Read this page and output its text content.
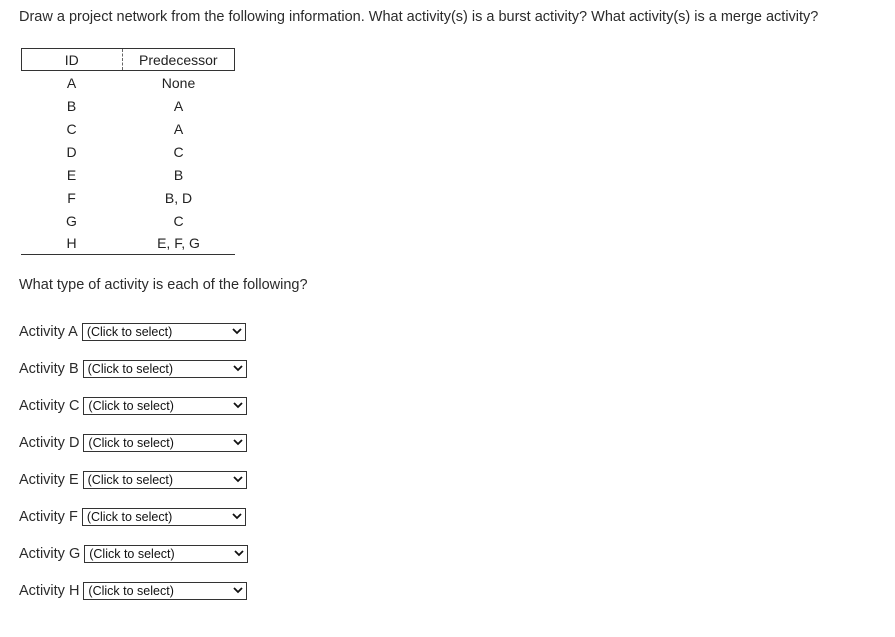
Draw a project network from the following information. What activity(s) is a burst activity? What activity(s) is a merge activity?
ID	Predecessor
A	None
B	A
C	A
D	C
E	B
F	B, D
G	C
H	E, F, G
What type of activity is each of the following?
Activity A (Click to select)
Activity B (Click to select)
Activity C (Click to select)
Activity D (Click to select)
Activity E (Click to select)
Activity F (Click to select)
Activity G (Click to select)
Activity H (Click to select)
